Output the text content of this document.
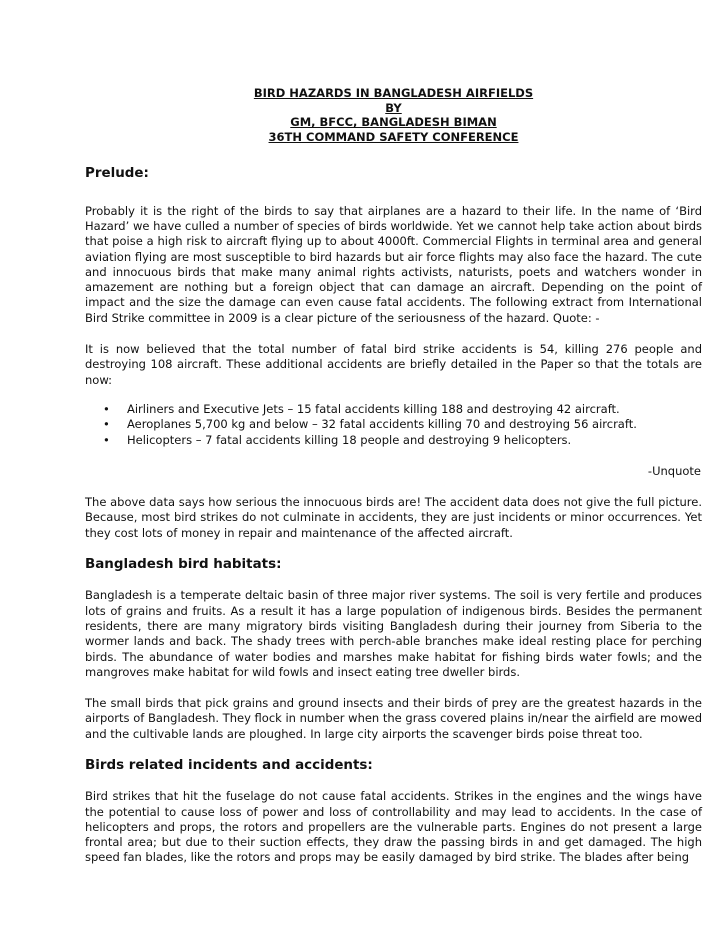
BIRD HAZARDS IN BANGLADESH AIRFIELDS
BY
GM, BFCC, BANGLADESH BIMAN
36TH COMMAND SAFETY CONFERENCE
Prelude:

Probably it is the right of the birds to say that airplanes are a hazard to their life. In the name of ‘Bird Hazard’ we have culled a number of species of birds worldwide. Yet we cannot help take action about birds that poise a high risk to aircraft flying up to about 4000ft. Commercial Flights in terminal area and general aviation flying are most susceptible to bird hazards but air force flights may also face the hazard. The cute and innocuous birds that make many animal rights activists, naturists, poets and watchers wonder in amazement are nothing but a foreign object that can damage an aircraft. Depending on the point of impact and the size the damage can even cause fatal accidents. The following extract from International Bird Strike committee in 2009 is a clear picture of the seriousness of the hazard. Quote: -

It is now believed that the total number of fatal bird strike accidents is 54, killing 276 people and destroying 108 aircraft. These additional accidents are briefly detailed in the Paper so that the totals are now:

• Airliners and Executive Jets – 15 fatal accidents killing 188 and destroying 42 aircraft.
• Aeroplanes 5,700 kg and below – 32 fatal accidents killing 70 and destroying 56 aircraft.
• Helicopters – 7 fatal accidents killing 18 people and destroying 9 helicopters.
-Unquote

The above data says how serious the innocuous birds are! The accident data does not give the full picture. Because, most bird strikes do not culminate in accidents, they are just incidents or minor occurrences. Yet they cost lots of money in repair and maintenance of the affected aircraft.

Bangladesh bird habitats:

Bangladesh is a temperate deltaic basin of three major river systems. The soil is very fertile and produces lots of grains and fruits. As a result it has a large population of indigenous birds. Besides the permanent residents, there are many migratory birds visiting Bangladesh during their journey from Siberia to the wormer lands and back. The shady trees with perch-able branches make ideal resting place for perching birds. The abundance of water bodies and marshes make habitat for fishing birds water fowls; and the mangroves make habitat for wild fowls and insect eating tree dweller birds.

The small birds that pick grains and ground insects and their birds of prey are the greatest hazards in the airports of Bangladesh. They flock in number when the grass covered plains in/near the airfield are mowed and the cultivable lands are ploughed. In large city airports the scavenger birds poise threat too.

Birds related incidents and accidents:

Bird strikes that hit the fuselage do not cause fatal accidents. Strikes in the engines and the wings have the potential to cause loss of power and loss of controllability and may lead to accidents. In the case of helicopters and props, the rotors and propellers are the vulnerable parts. Engines do not present a large frontal area; but due to their suction effects, they draw the passing birds in and get damaged. The high speed fan blades, like the rotors and props may be easily damaged by bird strike. The blades after being
